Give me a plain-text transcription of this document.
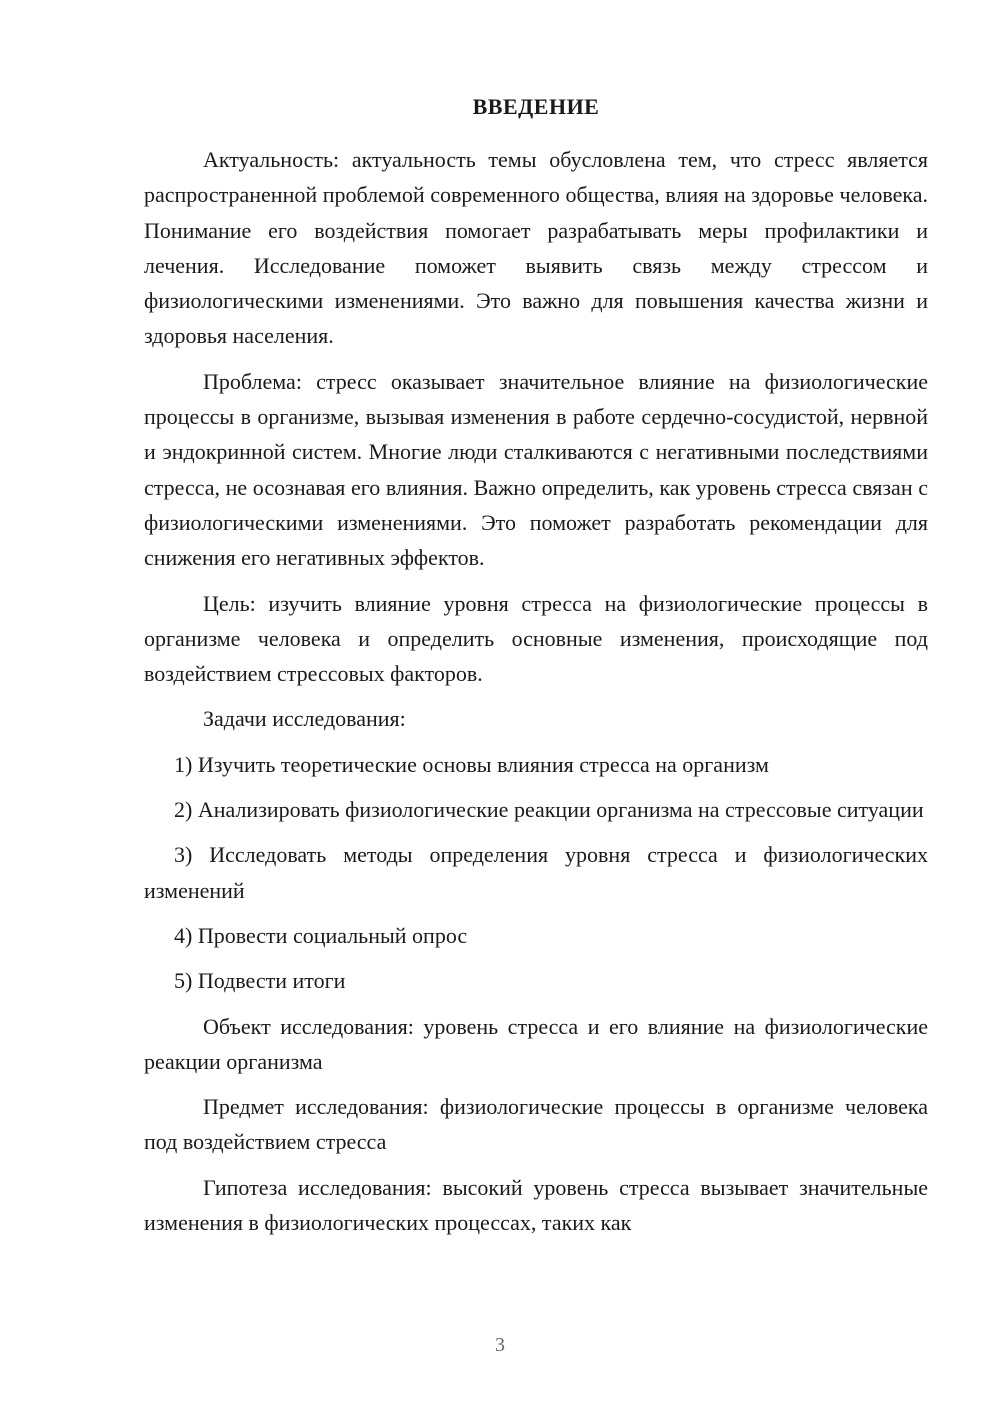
ВВЕДЕНИЕ

Актуальность: актуальность темы обусловлена тем, что стресс является распространенной проблемой современного общества, влияя на здоровье человека. Понимание его воздействия помогает разрабатывать меры профилактики и лечения. Исследование поможет выявить связь между стрессом и физиологическими изменениями. Это важно для повышения качества жизни и здоровья населения.

Проблема: стресс оказывает значительное влияние на физиологические процессы в организме, вызывая изменения в работе сердечно-сосудистой, нервной и эндокринной систем. Многие люди сталкиваются с негативными последствиями стресса, не осознавая его влияния. Важно определить, как уровень стресса связан с физиологическими изменениями. Это поможет разработать рекомендации для снижения его негативных эффектов.

Цель: изучить влияние уровня стресса на физиологические процессы в организме человека и определить основные изменения, происходящие под воздействием стрессовых факторов.

Задачи исследования:

1) Изучить теоретические основы влияния стресса на организм

2) Анализировать физиологические реакции организма на стрессовые ситуации

3) Исследовать методы определения уровня стресса и физиологических изменений

4) Провести социальный опрос

5) Подвести итоги

Объект исследования: уровень стресса и его влияние на физиологические реакции организма

Предмет исследования: физиологические процессы в организме человека под воздействием стресса

Гипотеза исследования: высокий уровень стресса вызывает значительные изменения в физиологических процессах, таких как

3
